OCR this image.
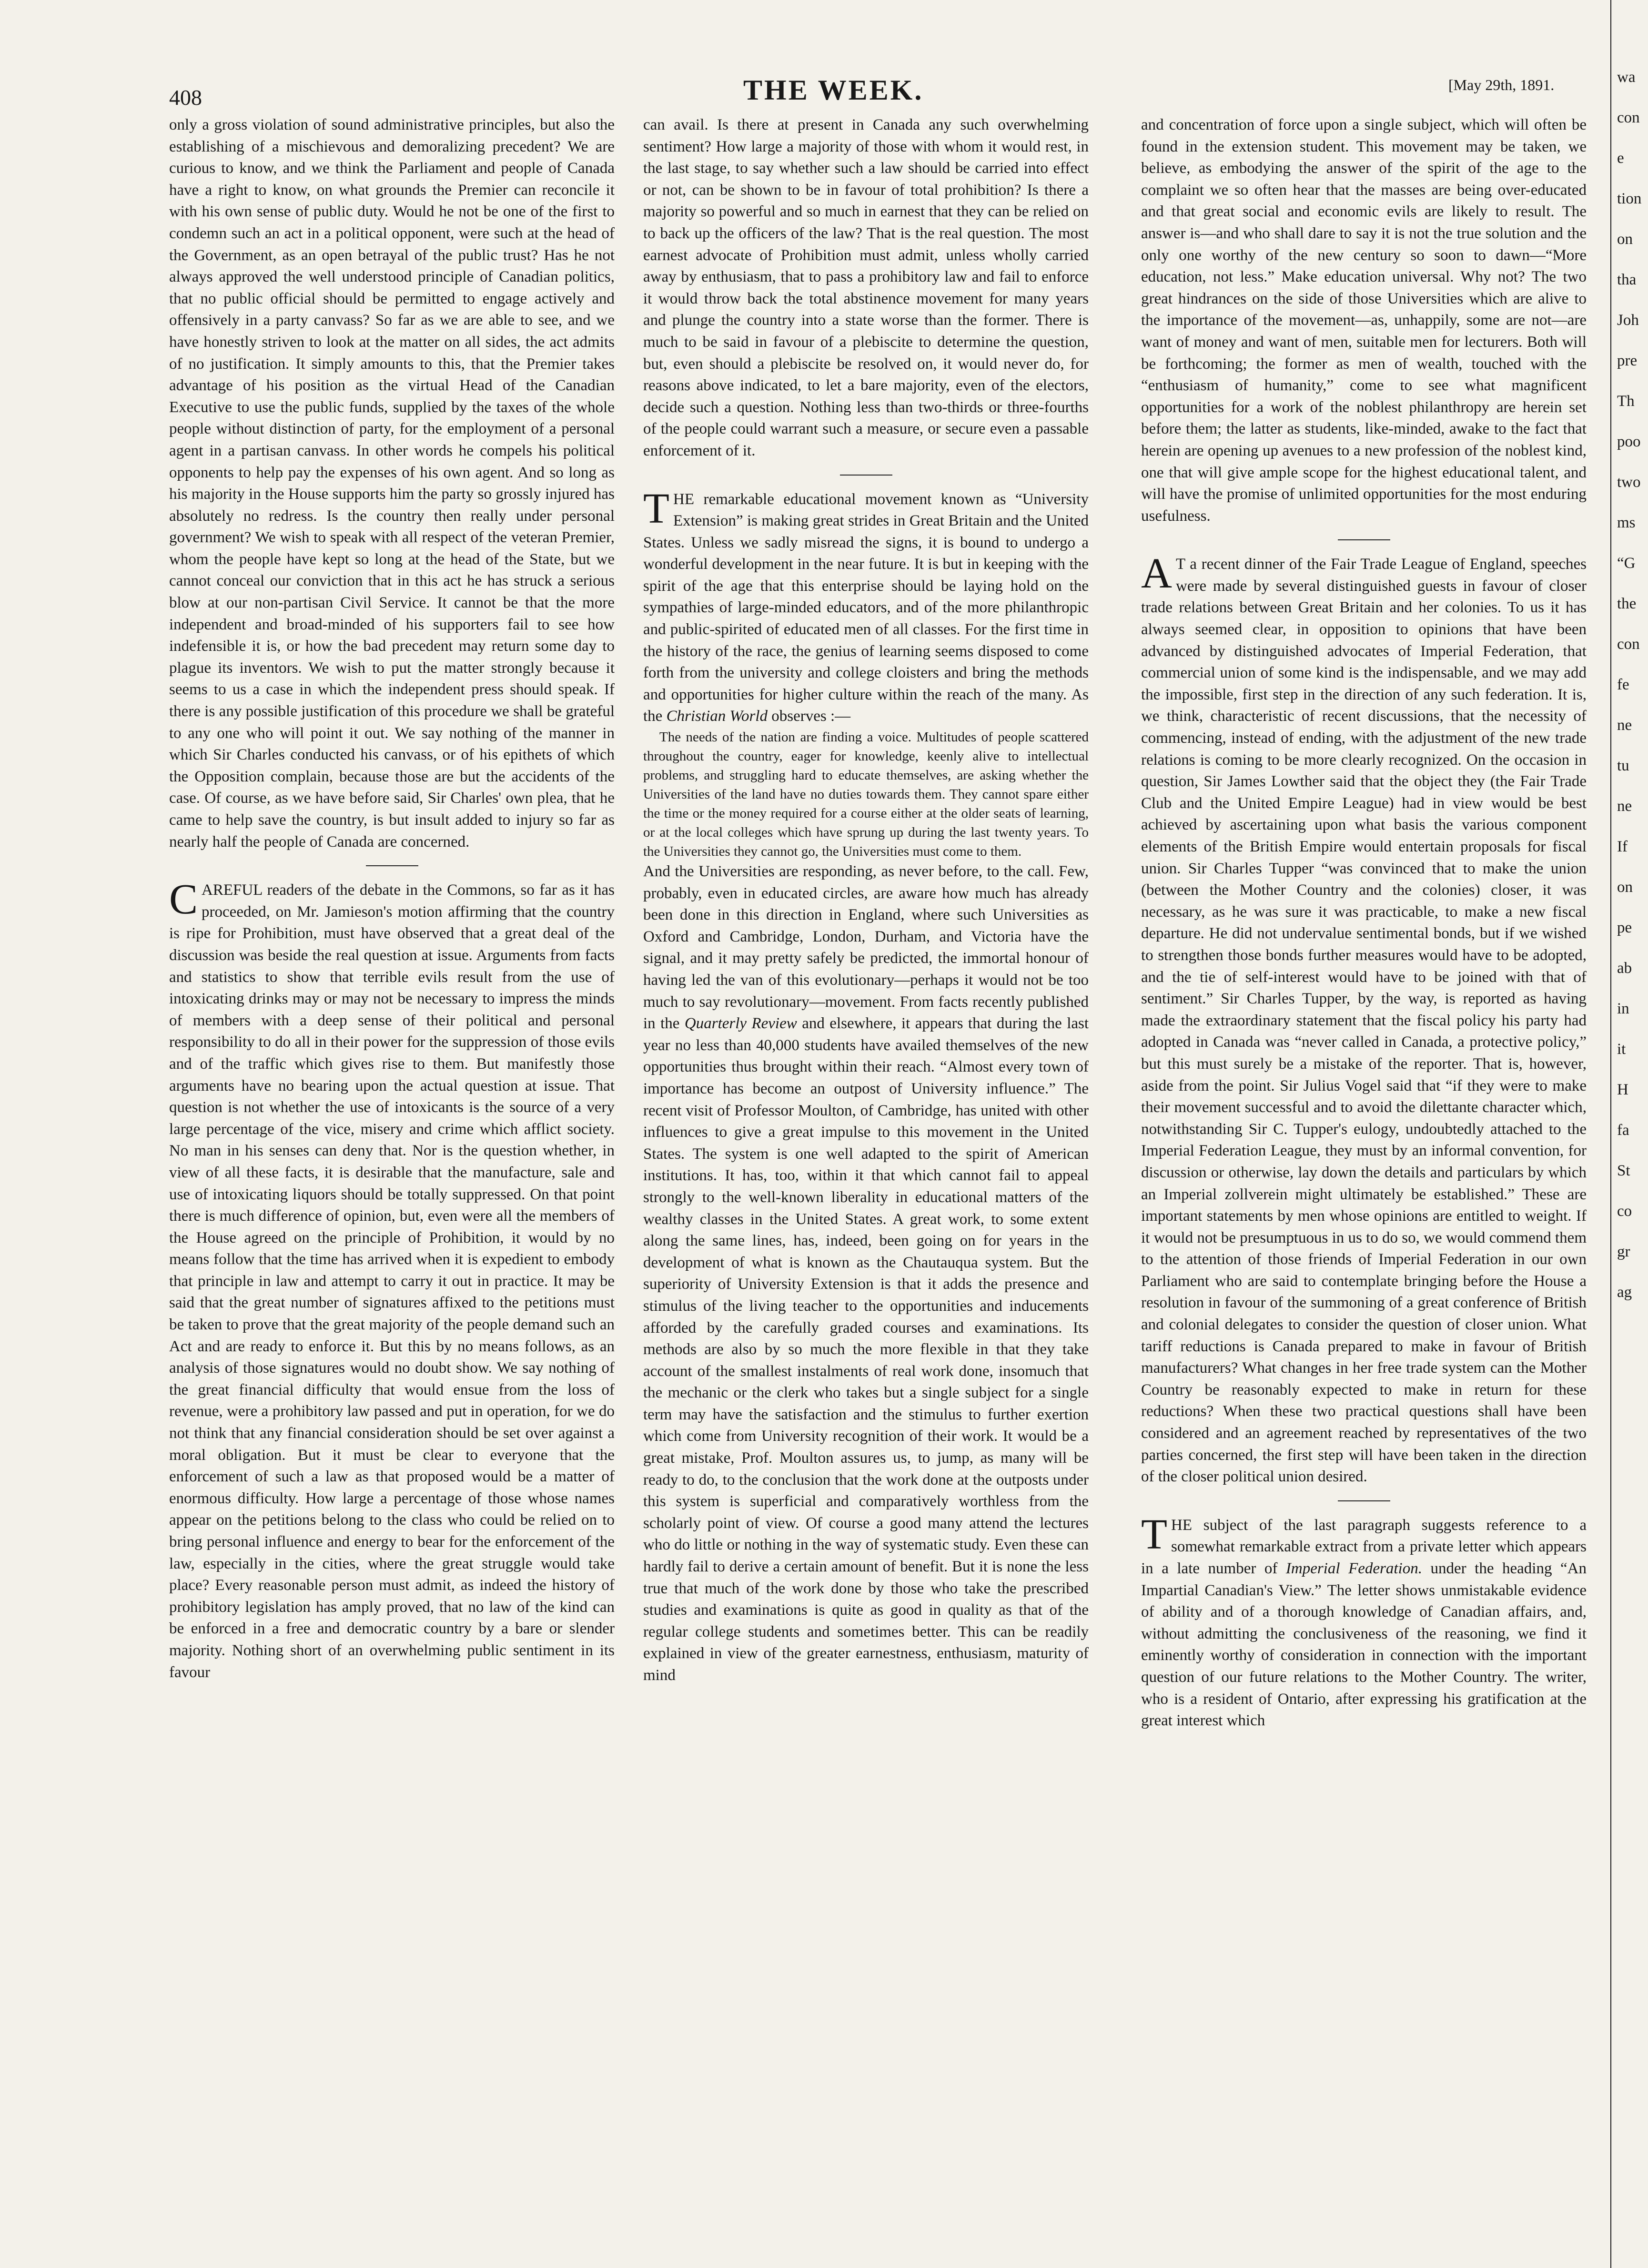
408	THE WEEK.	[May 29th, 1891.

only a gross violation of sound administrative principles, but also the establishing of a mischievous and demoralizing precedent? We are curious to know, and we think the Parliament and people of Canada have a right to know, on what grounds the Premier can reconcile it with his own sense of public duty. Would he not be one of the first to condemn such an act in a political opponent, were such at the head of the Government, as an open betrayal of the public trust? Has he not always approved the well understood principle of Canadian politics, that no public official should be permitted to engage actively and offensively in a party canvass? So far as we are able to see, and we have honestly striven to look at the matter on all sides, the act admits of no justification. It simply amounts to this, that the Premier takes advantage of his position as the virtual Head of the Canadian Executive to use the public funds, supplied by the taxes of the whole people without distinction of party, for the employment of a personal agent in a partisan canvass. In other words he compels his political opponents to help pay the expenses of his own agent. And so long as his majority in the House supports him the party so grossly injured has absolutely no redress. Is the country then really under personal government? We wish to speak with all respect of the veteran Premier, whom the people have kept so long at the head of the State, but we cannot conceal our conviction that in this act he has struck a serious blow at our non-partisan Civil Service. It cannot be that the more independent and broad-minded of his supporters fail to see how indefensible it is, or how the bad precedent may return some day to plague its inventors. We wish to put the matter strongly because it seems to us a case in which the independent press should speak. If there is any possible justification of this procedure we shall be grateful to any one who will point it out. We say nothing of the manner in which Sir Charles conducted his canvass, or of his epithets of which the Opposition complain, because those are but the accidents of the case. Of course, as we have before said, Sir Charles' own plea, that he came to help save the country, is but insult added to injury so far as nearly half the people of Canada are concerned.

CAREFUL readers of the debate in the Commons, so far as it has proceeded, on Mr. Jamieson's motion affirming that the country is ripe for Prohibition, must have observed that a great deal of the discussion was beside the real question at issue. Arguments from facts and statistics to show that terrible evils result from the use of intoxicating drinks may or may not be necessary to impress the minds of members with a deep sense of their political and personal responsibility to do all in their power for the suppression of those evils and of the traffic which gives rise to them. But manifestly those arguments have no bearing upon the actual question at issue. That question is not whether the use of intoxicants is the source of a very large percentage of the vice, misery and crime which afflict society. No man in his senses can deny that. Nor is the question whether, in view of all these facts, it is desirable that the manufacture, sale and use of intoxicating liquors should be totally suppressed. On that point there is much difference of opinion, but, even were all the members of the House agreed on the principle of Prohibition, it would by no means follow that the time has arrived when it is expedient to embody that principle in law and attempt to carry it out in practice. It may be said that the great number of signatures affixed to the petitions must be taken to prove that the great majority of the people demand such an Act and are ready to enforce it. But this by no means follows, as an analysis of those signatures would no doubt show. We say nothing of the great financial difficulty that would ensue from the loss of revenue, were a prohibitory law passed and put in operation, for we do not think that any financial consideration should be set over against a moral obligation. But it must be clear to everyone that the enforcement of such a law as that proposed would be a matter of enormous difficulty. How large a percentage of those whose names appear on the petitions belong to the class who could be relied on to bring personal influence and energy to bear for the enforcement of the law, especially in the cities, where the great struggle would take place? Every reasonable person must admit, as indeed the history of prohibitory legislation has amply proved, that no law of the kind can be enforced in a free and democratic country by a bare or slender majority. Nothing short of an overwhelming public sentiment in its favour

can avail. Is there at present in Canada any such overwhelming sentiment? How large a majority of those with whom it would rest, in the last stage, to say whether such a law should be carried into effect or not, can be shown to be in favour of total prohibition? Is there a majority so powerful and so much in earnest that they can be relied on to back up the officers of the law? That is the real question. The most earnest advocate of Prohibition must admit, unless wholly carried away by enthusiasm, that to pass a prohibitory law and fail to enforce it would throw back the total abstinence movement for many years and plunge the country into a state worse than the former. There is much to be said in favour of a plebiscite to determine the question, but, even should a plebiscite be resolved on, it would never do, for reasons above indicated, to let a bare majority, even of the electors, decide such a question. Nothing less than two-thirds or three-fourths of the people could warrant such a measure, or secure even a passable enforcement of it.

THE remarkable educational movement known as “University Extension” is making great strides in Great Britain and the United States. Unless we sadly misread the signs, it is bound to undergo a wonderful development in the near future. It is but in keeping with the spirit of the age that this enterprise should be laying hold on the sympathies of large-minded educators, and of the more philanthropic and public-spirited of educated men of all classes. For the first time in the history of the race, the genius of learning seems disposed to come forth from the university and college cloisters and bring the methods and opportunities for higher culture within the reach of the many. As the Christian World observes :—

The needs of the nation are finding a voice. Multitudes of people scattered throughout the country, eager for knowledge, keenly alive to intellectual problems, and struggling hard to educate themselves, are asking whether the Universities of the land have no duties towards them. They cannot spare either the time or the money required for a course either at the older seats of learning, or at the local colleges which have sprung up during the last twenty years. To the Universities they cannot go, the Universities must come to them.

And the Universities are responding, as never before, to the call. Few, probably, even in educated circles, are aware how much has already been done in this direction in England, where such Universities as Oxford and Cambridge, London, Durham, and Victoria have the signal, and it may pretty safely be predicted, the immortal honour of having led the van of this evolutionary—perhaps it would not be too much to say revolutionary—movement. From facts recently published in the Quarterly Review and elsewhere, it appears that during the last year no less than 40,000 students have availed themselves of the new opportunities thus brought within their reach. “Almost every town of importance has become an outpost of University influence.” The recent visit of Professor Moulton, of Cambridge, has united with other influences to give a great impulse to this movement in the United States. The system is one well adapted to the spirit of American institutions. It has, too, within it that which cannot fail to appeal strongly to the well-known liberality in educational matters of the wealthy classes in the United States. A great work, to some extent along the same lines, has, indeed, been going on for years in the development of what is known as the Chautauqua system. But the superiority of University Extension is that it adds the presence and stimulus of the living teacher to the opportunities and inducements afforded by the carefully graded courses and examinations. Its methods are also by so much the more flexible in that they take account of the smallest instalments of real work done, insomuch that the mechanic or the clerk who takes but a single subject for a single term may have the satisfaction and the stimulus to further exertion which come from University recognition of their work. It would be a great mistake, Prof. Moulton assures us, to jump, as many will be ready to do, to the conclusion that the work done at the outposts under this system is superficial and comparatively worthless from the scholarly point of view. Of course a good many attend the lectures who do little or nothing in the way of systematic study. Even these can hardly fail to derive a certain amount of benefit. But it is none the less true that much of the work done by those who take the prescribed studies and examinations is quite as good in quality as that of the regular college students and sometimes better. This can be readily explained in view of the greater earnestness, enthusiasm, maturity of mind

and concentration of force upon a single subject, which will often be found in the extension student. This movement may be taken, we believe, as embodying the answer of the spirit of the age to the complaint we so often hear that the masses are being over-educated and that great social and economic evils are likely to result. The answer is—and who shall dare to say it is not the true solution and the only one worthy of the new century so soon to dawn—“More education, not less.” Make education universal. Why not? The two great hindrances on the side of those Universities which are alive to the importance of the movement—as, unhappily, some are not—are want of money and want of men, suitable men for lecturers. Both will be forthcoming; the former as men of wealth, touched with the “enthusiasm of humanity,” come to see what magnificent opportunities for a work of the noblest philanthropy are herein set before them; the latter as students, like-minded, awake to the fact that herein are opening up avenues to a new profession of the noblest kind, one that will give ample scope for the highest educational talent, and will have the promise of unlimited opportunities for the most enduring usefulness.

A T a recent dinner of the Fair Trade League of England, speeches were made by several distinguished guests in favour of closer trade relations between Great Britain and her colonies. To us it has always seemed clear, in opposition to opinions that have been advanced by distinguished advocates of Imperial Federation, that commercial union of some kind is the indispensable, and we may add the impossible, first step in the direction of any such federation. It is, we think, characteristic of recent discussions, that the necessity of commencing, instead of ending, with the adjustment of the new trade relations is coming to be more clearly recognized. On the occasion in question, Sir James Lowther said that the object they (the Fair Trade Club and the United Empire League) had in view would be best achieved by ascertaining upon what basis the various component elements of the British Empire would entertain proposals for fiscal union. Sir Charles Tupper “was convinced that to make the union (between the Mother Country and the colonies) closer, it was necessary, as he was sure it was practicable, to make a new fiscal departure. He did not undervalue sentimental bonds, but if we wished to strengthen those bonds further measures would have to be adopted, and the tie of self-interest would have to be joined with that of sentiment.” Sir Charles Tupper, by the way, is reported as having made the extraordinary statement that the fiscal policy his party had adopted in Canada was “never called in Canada, a protective policy,” but this must surely be a mistake of the reporter. That is, however, aside from the point. Sir Julius Vogel said that “if they were to make their movement successful and to avoid the dilettante character which, notwithstanding Sir C. Tupper's eulogy, undoubtedly attached to the Imperial Federation League, they must by an informal convention, for discussion or otherwise, lay down the details and particulars by which an Imperial zollverein might ultimately be established.” These are important statements by men whose opinions are entitled to weight. If it would not be presumptuous in us to do so, we would commend them to the attention of those friends of Imperial Federation in our own Parliament who are said to contemplate bringing before the House a resolution in favour of the summoning of a great conference of British and colonial delegates to consider the question of closer union. What tariff reductions is Canada prepared to make in favour of British manufacturers? What changes in her free trade system can the Mother Country be reasonably expected to make in return for these reductions? When these two practical questions shall have been considered and an agreement reached by representatives of the two parties concerned, the first step will have been taken in the direction of the closer political union desired.

THE subject of the last paragraph suggests reference to a somewhat remarkable extract from a private letter which appears in a late number of Imperial Federation. under the heading “An Impartial Canadian's View.” The letter shows unmistakable evidence of ability and of a thorough knowledge of Canadian affairs, and, without admitting the conclusiveness of the reasoning, we find it eminently worthy of consideration in connection with the important question of our future relations to the Mother Country. The writer, who is a resident of Ontario, after expressing his gratification at the great interest which

wa
con
e
tion
on
tha
Joh
pre
Th
poo
two
ms
“G
the
con
fe
ne
tu
ne
If
on
pe
ab
in
it
H
fa
St
co
gr
ag
